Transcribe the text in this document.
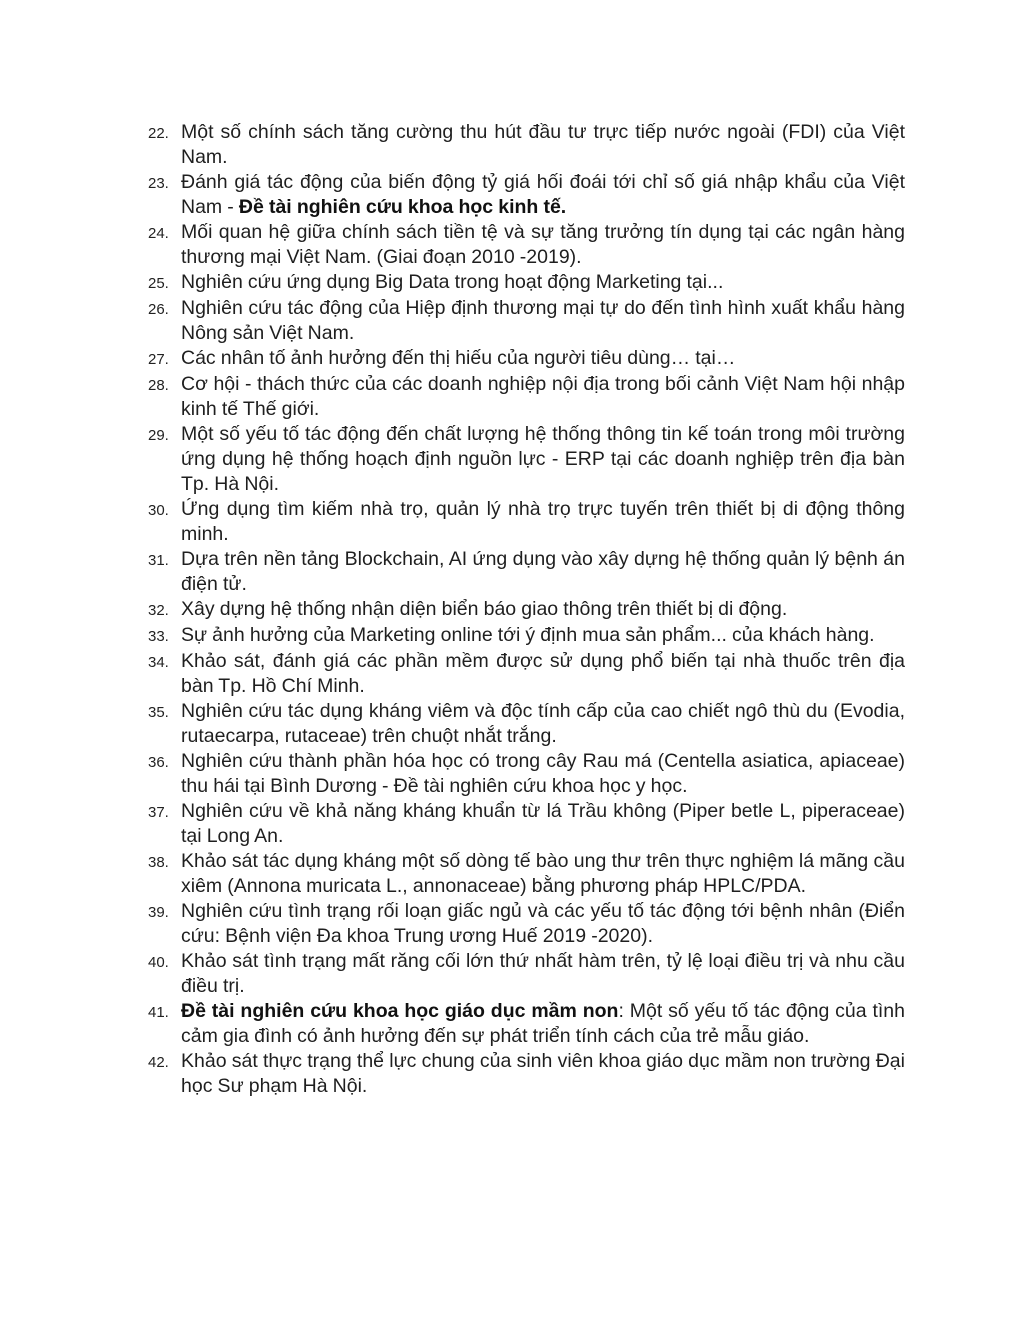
22. Một số chính sách tăng cường thu hút đầu tư trực tiếp nước ngoài (FDI) của Việt Nam.
23. Đánh giá tác động của biến động tỷ giá hối đoái tới chỉ số giá nhập khẩu của Việt Nam - Đề tài nghiên cứu khoa học kinh tế.
24. Mối quan hệ giữa chính sách tiền tệ và sự tăng trưởng tín dụng tại các ngân hàng thương mại Việt Nam. (Giai đoạn 2010 -2019).
25. Nghiên cứu ứng dụng Big Data trong hoạt động Marketing tại...
26. Nghiên cứu tác động của Hiệp định thương mại tự do đến tình hình xuất khẩu hàng Nông sản Việt Nam.
27. Các nhân tố ảnh hưởng đến thị hiếu của người tiêu dùng… tại…
28. Cơ hội - thách thức của các doanh nghiệp nội địa trong bối cảnh Việt Nam hội nhập kinh tế Thế giới.
29. Một số yếu tố tác động đến chất lượng hệ thống thông tin kế toán trong môi trường ứng dụng hệ thống hoạch định nguồn lực - ERP tại các doanh nghiệp trên địa bàn Tp. Hà Nội.
30. Ứng dụng tìm kiếm nhà trọ, quản lý nhà trọ trực tuyến trên thiết bị di động thông minh.
31. Dựa trên nền tảng Blockchain, AI ứng dụng vào xây dựng hệ thống quản lý bệnh án điện tử.
32. Xây dựng hệ thống nhận diện biển báo giao thông trên thiết bị di động.
33. Sự ảnh hưởng của Marketing online tới ý định mua sản phẩm... của khách hàng.
34. Khảo sát, đánh giá các phần mềm được sử dụng phổ biến tại nhà thuốc trên địa bàn Tp. Hồ Chí Minh.
35. Nghiên cứu tác dụng kháng viêm và độc tính cấp của cao chiết ngô thù du (Evodia, rutaecarpa, rutaceae) trên chuột nhắt trắng.
36. Nghiên cứu thành phần hóa học có trong cây Rau má (Centella asiatica, apiaceae) thu hái tại Bình Dương - Đề tài nghiên cứu khoa học y học.
37. Nghiên cứu về khả năng kháng khuẩn từ lá Trầu không (Piper betle L, piperaceae) tại Long An.
38. Khảo sát tác dụng kháng một số dòng tế bào ung thư trên thực nghiệm lá mãng cầu xiêm (Annona muricata L., annonaceae) bằng phương pháp HPLC/PDA.
39. Nghiên cứu tình trạng rối loạn giấc ngủ và các yếu tố tác động tới bệnh nhân (Điển cứu: Bệnh viện Đa khoa Trung ương Huế 2019 -2020).
40. Khảo sát tình trạng mất răng cối lớn thứ nhất hàm trên, tỷ lệ loại điều trị và nhu cầu điều trị.
41. Đề tài nghiên cứu khoa học giáo dục mầm non: Một số yếu tố tác động của tình cảm gia đình có ảnh hưởng đến sự phát triển tính cách của trẻ mẫu giáo.
42. Khảo sát thực trạng thể lực chung của sinh viên khoa giáo dục mầm non trường Đại học Sư phạm Hà Nội.
